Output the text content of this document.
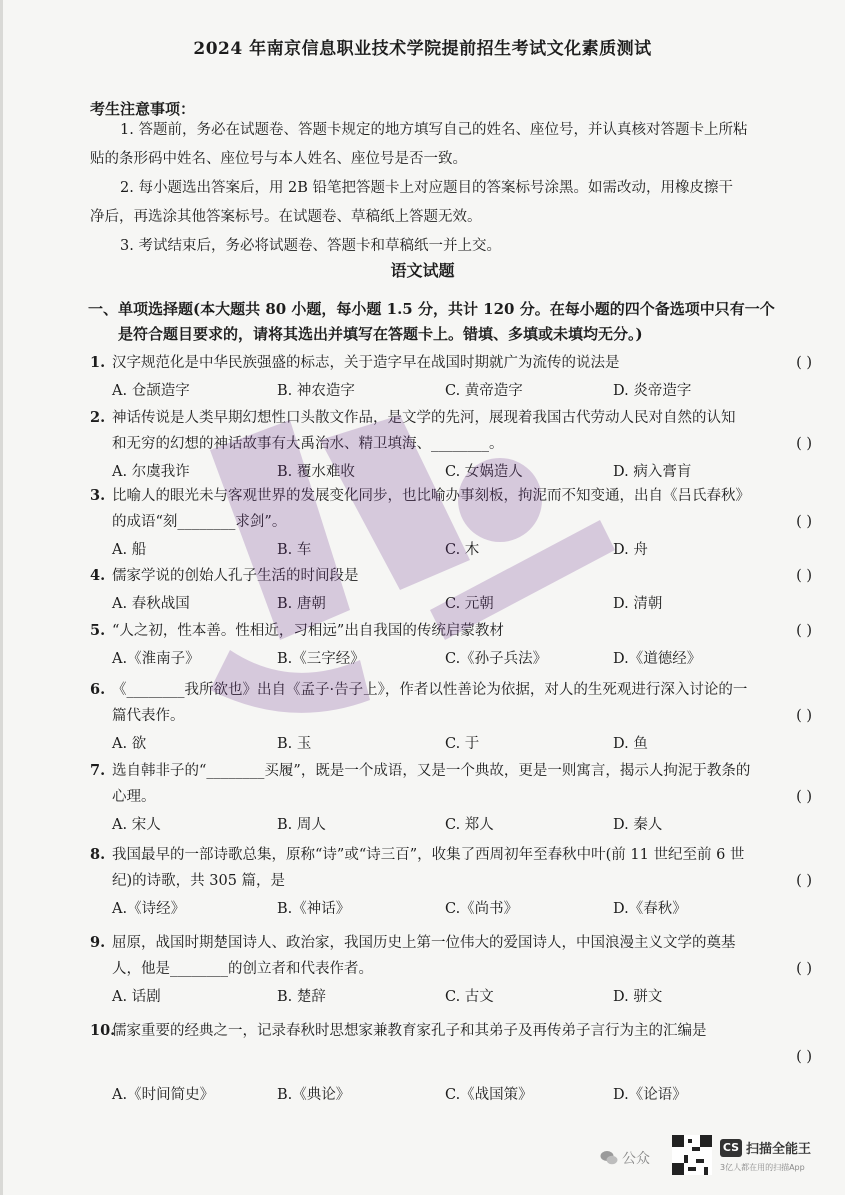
2024 年南京信息职业技术学院提前招生考试文化素质测试
考生注意事项：

1. 答题前，务必在试题卷、答题卡规定的地方填写自己的姓名、座位号，并认真核对答题卡上所粘

贴的条形码中姓名、座位号与本人姓名、座位号是否一致。

2. 每小题选出答案后，用 2B 铅笔把答题卡上对应题目的答案标号涂黑。如需改动，用橡皮擦干

净后，再选涂其他答案标号。在试题卷、草稿纸上答题无效。

3. 考试结束后，务必将试题卷、答题卡和草稿纸一并上交。

语文试题

一、单项选择题(本大题共 80 小题，每小题 1.5 分，共计 120 分。在每小题的四个备选项中只有一个

是符合题目要求的，请将其选出并填写在答题卡上。错填、多填或未填均无分。)

1. 汉字规范化是中华民族强盛的标志，关于造字早在战国时期就广为流传的说法是	( )
A. 仓颉造字	B. 神农造字	C. 黄帝造字	D. 炎帝造字
2. 神话传说是人类早期幻想性口头散文作品，是文学的先河，展现着我国古代劳动人民对自然的认知
和无穷的幻想的神话故事有大禹治水、精卫填海、________。	( )
A. 尔虞我诈	B. 覆水难收	C. 女娲造人	D. 病入膏肓
3. 比喻人的眼光未与客观世界的发展变化同步，也比喻办事刻板，拘泥而不知变通，出自《吕氏春秋》
的成语“刻________求剑”。	( )
A. 船	B. 车	C. 木	D. 舟
4. 儒家学说的创始人孔子生活的时间段是	( )
A. 春秋战国	B. 唐朝	C. 元朝	D. 清朝
5. “人之初，性本善。性相近，习相远”出自我国的传统启蒙教材	( )
A.《淮南子》	B.《三字经》	C.《孙子兵法》	D.《道德经》
6. 《________我所欲也》出自《孟子·告子上》，作者以性善论为依据，对人的生死观进行深入讨论的一
篇代表作。	( )
A. 欲	B. 玉	C. 于	D. 鱼
7. 选自韩非子的“________买履”，既是一个成语，又是一个典故，更是一则寓言，揭示人拘泥于教条的
心理。	( )
A. 宋人	B. 周人	C. 郑人	D. 秦人
8. 我国最早的一部诗歌总集，原称“诗”或“诗三百”，收集了西周初年至春秋中叶(前 11 世纪至前 6 世
纪)的诗歌，共 305 篇，是	( )
A.《诗经》	B.《神话》	C.《尚书》	D.《春秋》
9. 屈原，战国时期楚国诗人、政治家，我国历史上第一位伟大的爱国诗人，中国浪漫主义文学的奠基
人，他是________的创立者和代表作者。	( )
A. 话剧	B. 楚辞	C. 古文	D. 骈文
10.儒家重要的经典之一，记录春秋时思想家兼教育家孔子和其弟子及再传弟子言行为主的汇编是
( )
A.《时间简史》	B.《典论》	C.《战国策》	D.《论语》
公众
CS 扫描全能王
3亿人都在用的扫描App
